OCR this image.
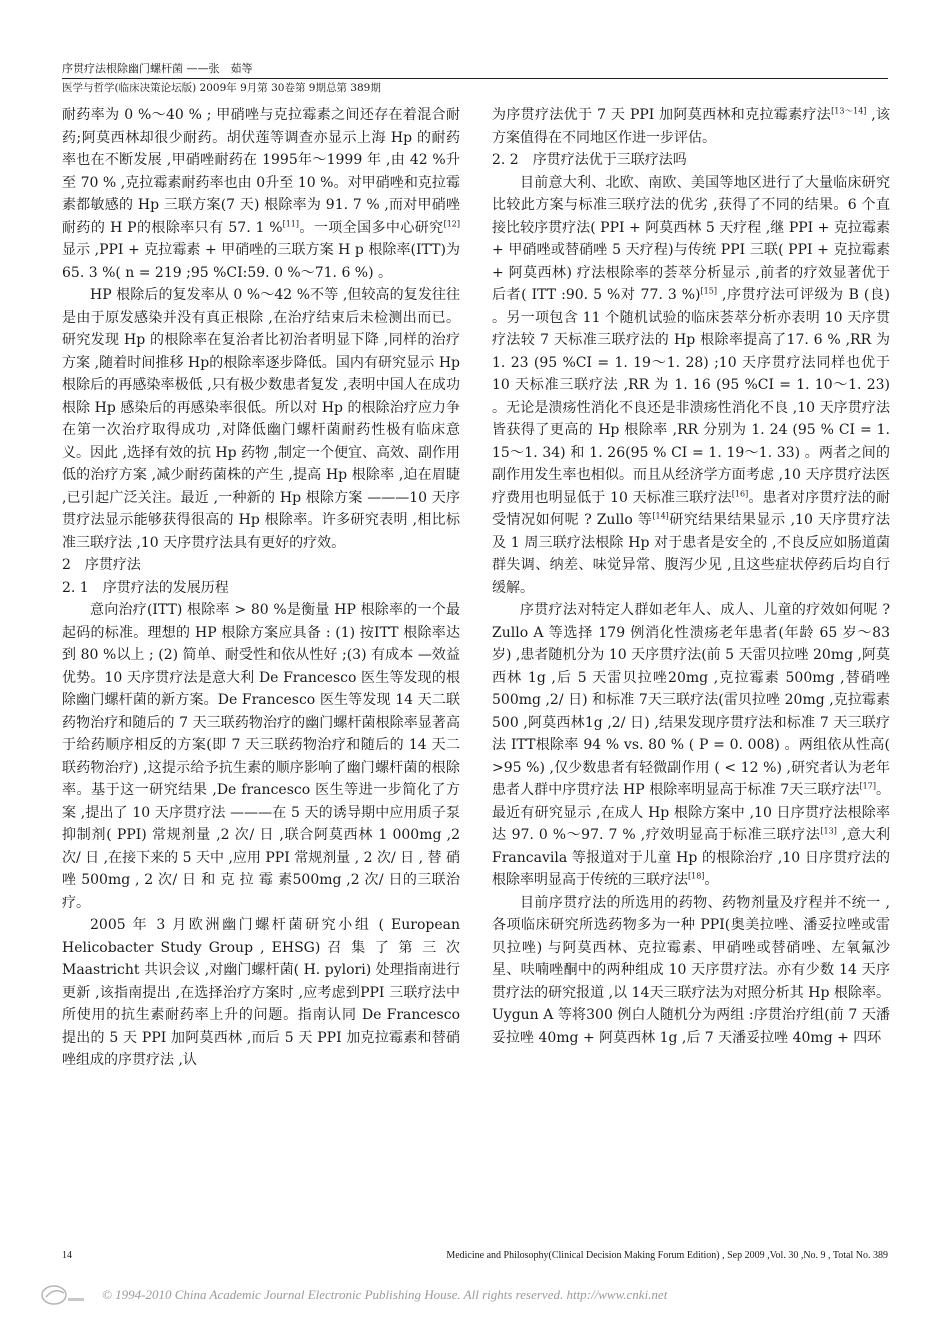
序贯疗法根除幽门螺杆菌 ——张　茹等
医学与哲学(临床决策论坛版) 2009年 9月第 30卷第 9期总第 389期

耐药率为 0 %～40 % ; 甲硝唑与克拉霉素之间还存在着混合耐药;阿莫西林却很少耐药。胡伏莲等调查亦显示上海 Hp 的耐药率也在不断发展 ,甲硝唑耐药在 1995年～1999 年 ,由 42 %升至 70 % ,克拉霉素耐药率也由 0升至 10 %。对甲硝唑和克拉霉素都敏感的 Hp 三联方案(7 天) 根除率为 91. 7 % ,而对甲硝唑耐药的 H P的根除率只有 57. 1 %[11]。一项全国多中心研究[12]显示 ,PPI + 克拉霉素 + 甲硝唑的三联方案 H p 根除率(ITT)为 65. 3 %( n = 219 ;95 %CI:59. 0 %～71. 6 %) 。

HP 根除后的复发率从 0 %～42 %不等 ,但较高的复发往往是由于原发感染并没有真正根除 ,在治疗结束后未检测出而已。研究发现 Hp 的根除率在复治者比初治者明显下降 ,同样的治疗方案 ,随着时间推移 Hp的根除率逐步降低。国内有研究显示 Hp 根除后的再感染率极低 ,只有极少数患者复发 ,表明中国人在成功根除 Hp 感染后的再感染率很低。所以对 Hp 的根除治疗应力争在第一次治疗取得成功 ,对降低幽门螺杆菌耐药性极有临床意义。因此 ,选择有效的抗 Hp 药物 ,制定一个便宜、高效、副作用低的治疗方案 ,减少耐药菌株的产生 ,提高 Hp 根除率 ,迫在眉睫 ,已引起广泛关注。最近 ,一种新的 Hp 根除方案 ———10 天序贯疗法显示能够获得很高的 Hp 根除率。许多研究表明 ,相比标准三联疗法 ,10 天序贯疗法具有更好的疗效。

2　序贯疗法

2. 1　序贯疗法的发展历程

意向治疗(ITT) 根除率 > 80 %是衡量 HP 根除率的一个最起码的标准。理想的 HP 根除方案应具备 : (1) 按ITT 根除率达到 80 %以上 ; (2) 简单、耐受性和依从性好 ;(3) 有成本 —效益优势。10 天序贯疗法是意大利 De Francesco 医生等发现的根除幽门螺杆菌的新方案。De Francesco 医生等发现 14 天二联药物治疗和随后的 7 天三联药物治疗的幽门螺杆菌根除率显著高于给药顺序相反的方案(即 7 天三联药物治疗和随后的 14 天二联药物治疗) ,这提示给予抗生素的顺序影响了幽门螺杆菌的根除率。基于这一研究结果 ,De francesco 医生等进一步简化了方案 ,提出了 10 天序贯疗法 ———在 5 天的诱导期中应用质子泵抑制剂( PPI) 常规剂量 ,2 次/ 日 ,联合阿莫西林 1 000mg ,2 次/ 日 ,在接下来的 5 天中 ,应用 PPI 常规剂量 , 2 次/ 日 , 替 硝 唑 500mg , 2 次/ 日 和 克 拉 霉 素500mg ,2 次/ 日的三联治疗。

2005 年 3 月欧洲幽门螺杆菌研究小组 ( European Helicobacter Study Group , EHSG) 召 集 了 第 三 次Maastricht 共识会议 ,对幽门螺杆菌( H. pylori) 处理指南进行更新 ,该指南提出 ,在选择治疗方案时 ,应考虑到PPI 三联疗法中所使用的抗生素耐药率上升的问题。指南认同 De Francesco 提出的 5 天 PPI 加阿莫西林 ,而后 5 天 PPI 加克拉霉素和替硝唑组成的序贯疗法 ,认

为序贯疗法优于 7 天 PPI 加阿莫西林和克拉霉素疗法[13～14] ,该方案值得在不同地区作进一步评估。

2. 2　序贯疗法优于三联疗法吗

目前意大利、北欧、南欧、美国等地区进行了大量临床研究比较此方案与标准三联疗法的优劣 ,获得了不同的结果。6 个直接比较序贯疗法( PPI + 阿莫西林 5 天疗程 ,继 PPI + 克拉霉素 + 甲硝唑或替硝唑 5 天疗程)与传统 PPI 三联( PPI + 克拉霉素 + 阿莫西林) 疗法根除率的荟萃分析显示 ,前者的疗效显著优于后者( ITT :90. 5 %对 77. 3 %)[15] ,序贯疗法可评级为 B (良) 。另一项包含 11 个随机试验的临床荟萃分析亦表明 10 天序贯疗法较 7 天标准三联疗法的 Hp 根除率提高了17. 6 % ,RR 为 1. 23 (95 %CI = 1. 19～1. 28) ;10 天序贯疗法同样也优于 10 天标准三联疗法 ,RR 为 1. 16 (95 %CI = 1. 10～1. 23) 。无论是溃疡性消化不良还是非溃疡性消化不良 ,10 天序贯疗法皆获得了更高的 Hp 根除率 ,RR 分别为 1. 24 (95 % CI = 1. 15～1. 34) 和 1. 26(95 % CI = 1. 19～1. 33) 。两者之间的副作用发生率也相似。而且从经济学方面考虑 ,10 天序贯疗法医疗费用也明显低于 10 天标准三联疗法[16]。患者对序贯疗法的耐受情况如何呢 ? Zullo 等[14]研究结果结果显示 ,10 天序贯疗法及 1 周三联疗法根除 Hp 对于患者是安全的 ,不良反应如肠道菌群失调、纳差、味觉异常、腹泻少见 ,且这些症状停药后均自行缓解。

序贯疗法对特定人群如老年人、成人、儿童的疗效如何呢 ? Zullo A 等选择 179 例消化性溃疡老年患者(年龄 65 岁～83 岁) ,患者随机分为 10 天序贯疗法(前 5 天雷贝拉唑 20mg ,阿莫西林 1g ,后 5 天雷贝拉唑20mg ,克拉霉素 500mg ,替硝唑 500mg ,2/ 日) 和标准 7天三联疗法(雷贝拉唑 20mg ,克拉霉素 500 ,阿莫西林1g ,2/ 日) ,结果发现序贯疗法和标准 7 天三联疗法 ITT根除率 94 % vs. 80 % ( P = 0. 008) 。两组依从性高( >95 %) ,仅少数患者有轻微副作用 ( < 12 %) ,研究者认为老年患者人群中序贯疗法 HP 根除率明显高于标准 7天三联疗法[17]。最近有研究显示 ,在成人 Hp 根除方案中 ,10 日序贯疗法根除率达 97. 0 %～97. 7 % ,疗效明显高于标准三联疗法[13] ,意大利 Francavila 等报道对于儿童 Hp 的根除治疗 ,10 日序贯疗法的根除率明显高于传统的三联疗法[18]。

目前序贯疗法的所选用的药物、药物剂量及疗程并不统一 ,各项临床研究所选药物多为一种 PPI(奥美拉唑、潘妥拉唑或雷贝拉唑) 与阿莫西林、克拉霉素、甲硝唑或替硝唑、左氧氟沙星、呋喃唑酮中的两种组成 10 天序贯疗法。亦有少数 14 天序贯疗法的研究报道 ,以 14天三联疗法为对照分析其 Hp 根除率。Uygun A 等将300 例白人随机分为两组 :序贯治疗组(前 7 天潘妥拉唑 40mg + 阿莫西林 1g ,后 7 天潘妥拉唑 40mg + 四环

14	Medicine and Philosophy(Clinical Decision Making Forum Edition) , Sep 2009 ,Vol. 30 ,No. 9 , Total No. 389
© 1994-2010 China Academic Journal Electronic Publishing House. All rights reserved. http://www.cnki.net
